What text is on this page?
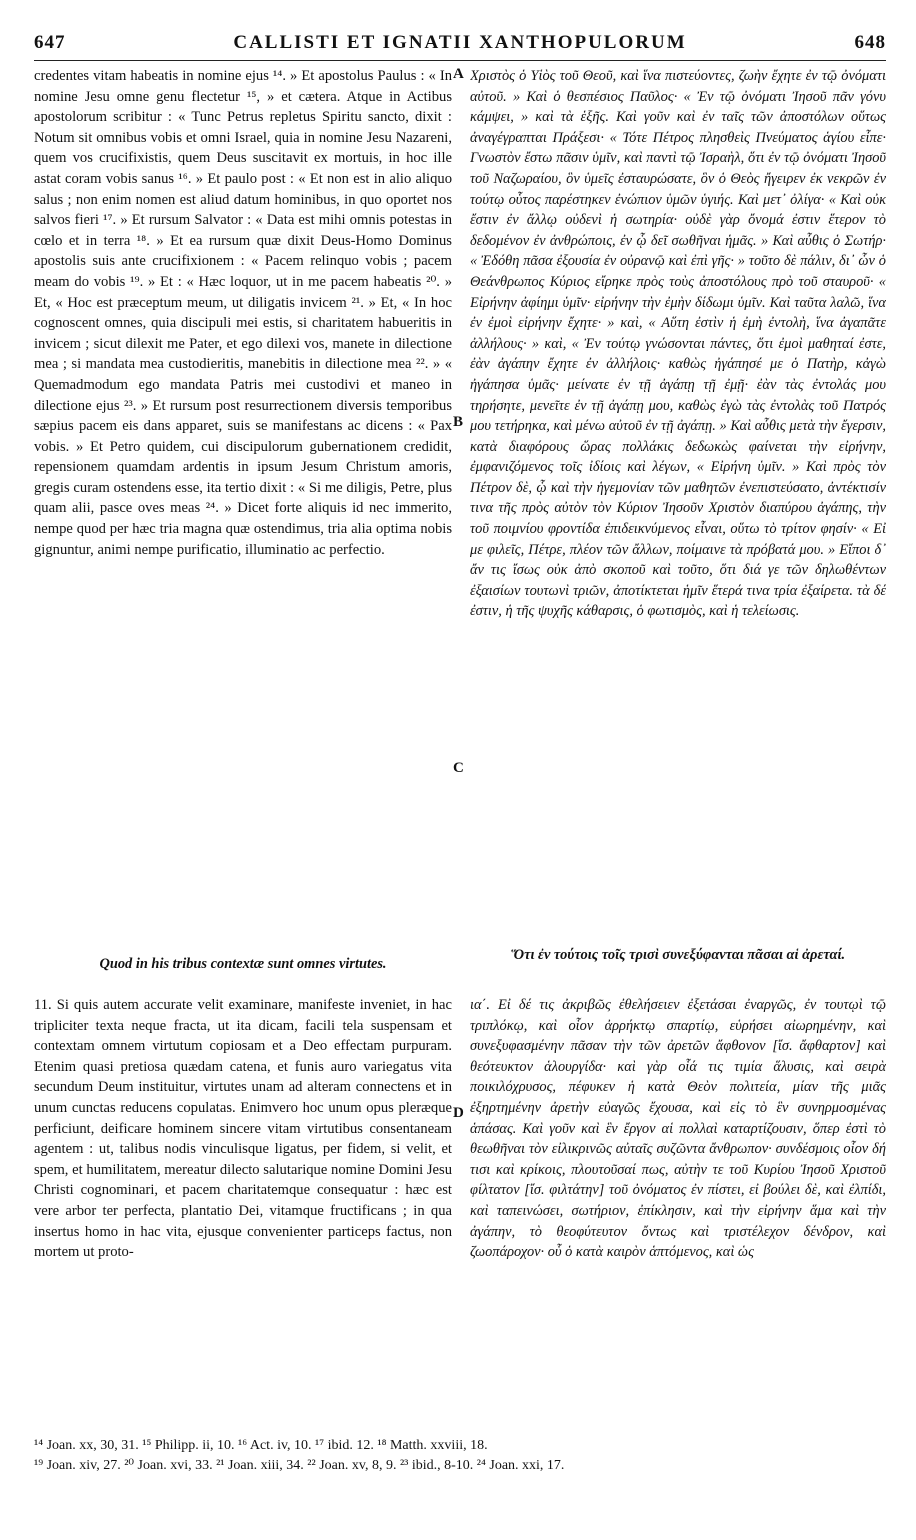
647	CALLISTI ET IGNATII XANTHOPULORUM	648
A
B
C
D

credentes vitam habeatis in nomine ejus ¹⁴. » Et apostolus Paulus : « In nomine Jesu omne genu flectetur ¹⁵, » et cætera. Atque in Actibus apostolorum scribitur : « Tunc Petrus repletus Spiritu sancto, dixit : Notum sit omnibus vobis et omni Israel, quia in nomine Jesu Nazareni, quem vos crucifixistis, quem Deus suscitavit ex mortuis, in hoc ille astat coram vobis sanus ¹⁶. » Et paulo post : « Et non est in alio aliquo salus ; non enim nomen est aliud datum hominibus, in quo oportet nos salvos fieri ¹⁷. » Et rursum Salvator : « Data est mihi omnis potestas in cœlo et in terra ¹⁸. » Et ea rursum quæ dixit Deus-Homo Dominus apostolis suis ante crucifixionem : « Pacem relinquo vobis ; pacem meam do vobis ¹⁹. » Et : « Hæc loquor, ut in me pacem habeatis ²⁰. » Et, « Hoc est præceptum meum, ut diligatis invicem ²¹. » Et, « In hoc cognoscent omnes, quia discipuli mei estis, si charitatem habueritis in invicem ; sicut dilexit me Pater, et ego dilexi vos, manete in dilectione mea ; si mandata mea custodieritis, manebitis in dilectione mea ²². » « Quemadmodum ego mandata Patris mei custodivi et maneo in dilectione ejus ²³. » Et rursum post resurrectionem diversis temporibus sæpius pacem eis dans apparet, suis se manifestans ac dicens : « Pax vobis. » Et Petro quidem, cui discipulorum gubernationem credidit, repensionem quamdam ardentis in ipsum Jesum Christum amoris, gregis curam ostendens esse, ita tertio dixit : « Si me diligis, Petre, plus quam alii, pasce oves meas ²⁴. » Dicet forte aliquis id nec immerito, nempe quod per hæc tria magna quæ ostendimus, tria alia optima nobis gignuntur, animi nempe purificatio, illuminatio ac perfectio.

Χριστὸς ὁ Υἱὸς τοῦ Θεοῦ, καὶ ἵνα πιστεύοντες, ζωὴν ἔχητε ἐν τῷ ὀνόματι αὐτοῦ. » Καὶ ὁ θεσπέσιος Παῦλος· « Ἐν τῷ ὀνόματι Ἰησοῦ πᾶν γόνυ κάμψει, » καὶ τὰ ἑξῆς. Καὶ γοῦν καὶ ἐν ταῖς τῶν ἀποστόλων οὕτως ἀναγέγραπται Πράξεσι· « Τότε Πέτρος πλησθεὶς Πνεύματος ἁγίου εἶπε· Γνωστὸν ἔστω πᾶσιν ὑμῖν, καὶ παντὶ τῷ Ἰσραὴλ, ὅτι ἐν τῷ ὀνόματι Ἰησοῦ τοῦ Ναζωραίου, ὃν ὑμεῖς ἐσταυρώσατε, ὃν ὁ Θεὸς ἤγειρεν ἐκ νεκρῶν ἐν τούτῳ οὗτος παρέστηκεν ἐνώπιον ὑμῶν ὑγιής. Καὶ μετ᾽ ὀλίγα· « Καὶ οὐκ ἔστιν ἐν ἄλλῳ οὐδενὶ ἡ σωτηρία· οὐδὲ γὰρ ὄνομά ἐστιν ἕτερον τὸ δεδομένον ἐν ἀνθρώποις, ἐν ᾧ δεῖ σωθῆναι ἡμᾶς. » Καὶ αὖθις ὁ Σωτήρ· « Ἐδόθη πᾶσα ἐξουσία ἐν οὐρανῷ καὶ ἐπὶ γῆς· » τοῦτο δὲ πάλιν, δι᾽ ὧν ὁ Θεάνθρωπος Κύριος εἴρηκε πρὸς τοὺς ἀποστόλους πρὸ τοῦ σταυροῦ· « Εἰρήνην ἀφίημι ὑμῖν· εἰρήνην τὴν ἐμὴν δίδωμι ὑμῖν. Καὶ ταῦτα λαλῶ, ἵνα ἐν ἐμοὶ εἰρήνην ἔχητε· » καὶ, « Αὕτη ἐστὶν ἡ ἐμὴ ἐντολὴ, ἵνα ἀγαπᾶτε ἀλλήλους· » καὶ, « Ἐν τούτῳ γνώσονται πάντες, ὅτι ἐμοὶ μαθηταί ἐστε, ἐὰν ἀγάπην ἔχητε ἐν ἀλλήλοις· καθὼς ἠγάπησέ με ὁ Πατὴρ, κἀγὼ ἠγάπησα ὑμᾶς· μείνατε ἐν τῇ ἀγάπῃ τῇ ἐμῇ· ἐὰν τὰς ἐντολάς μου τηρήσητε, μενεῖτε ἐν τῇ ἀγάπῃ μου, καθὼς ἐγὼ τὰς ἐντολὰς τοῦ Πατρός μου τετήρηκα, καὶ μένω αὐτοῦ ἐν τῇ ἀγάπῃ. » Καὶ αὖθις μετὰ τὴν ἔγερσιν, κατὰ διαφόρους ὥρας πολλάκις δεδωκὼς φαίνεται τὴν εἰρήνην, ἐμφανιζόμενος τοῖς ἰδίοις καὶ λέγων, « Εἰρήνη ὑμῖν. » Καὶ πρὸς τὸν Πέτρον δὲ, ᾧ καὶ τὴν ἡγεμονίαν τῶν μαθητῶν ἐνεπιστεύσατο, ἀντέκτισίν τινα τῆς πρὸς αὐτὸν τὸν Κύριον Ἰησοῦν Χριστὸν διαπύρου ἀγάπης, τὴν τοῦ ποιμνίου φροντίδα ἐπιδεικνύμενος εἶναι, οὕτω τὸ τρίτον φησίν· « Εἰ με φιλεῖς, Πέτρε, πλέον τῶν ἄλλων, ποίμαινε τὰ πρόβατά μου. » Εἴποι δ᾽ ἄν τις ἴσως οὐκ ἀπὸ σκοποῦ καὶ τοῦτο, ὅτι διά γε τῶν δηλωθέντων ἐξαισίων τουτωνὶ τριῶν, ἀποτίκτεται ἡμῖν ἕτερά τινα τρία ἐξαίρετα. τὰ δέ ἐστιν, ἡ τῆς ψυχῆς κάθαρσις, ὁ φωτισμὸς, καὶ ἡ τελείωσις.

Quod in his tribus contextæ sunt omnes virtutes.
Ὅτι ἐν τούτοις τοῖς τρισὶ συνεξύφανται πᾶσαι αἱ ἀρεταί.

11. Si quis autem accurate velit examinare, manifeste inveniet, in hac tripliciter texta neque fracta, ut ita dicam, facili tela suspensam et contextam omnem virtutum copiosam et a Deo effectam purpuram. Etenim quasi pretiosa quædam catena, et funis auro variegatus vita secundum Deum instituitur, virtutes unam ad alteram connectens et in unum cunctas reducens copulatas. Enimvero hoc unum opus pleræque perficiunt, deificare hominem sincere vitam virtutibus consentaneam agentem : ut, talibus nodis vinculisque ligatus, per fidem, si velit, et spem, et humilitatem, mereatur dilecto salutarique nomine Domini Jesu Christi cognominari, et pacem charitatemque consequatur : hæc est vere arbor ter perfecta, plantatio Dei, vitamque fructificans ; in qua insertus homo in hac vita, ejusque convenienter particeps factus, non mortem ut proto-

ια΄. Εἰ δέ τις ἀκριβῶς ἐθελήσειεν ἐξετάσαι ἐναργῶς, ἐν τουτῳὶ τῷ τριπλόκῳ, καὶ οἷον ἀρρήκτῳ σπαρτίῳ, εὑρήσει αἰωρημένην, καὶ συνεξυφασμένην πᾶσαν τὴν τῶν ἀρετῶν ἄφθονον [ἴσ. ἄφθαρτον] καὶ θεότευκτον ἁλουργίδα· καὶ γὰρ οἷά τις τιμία ἅλυσις, καὶ σειρὰ ποικιλόχρυσος, πέφυκεν ἡ κατὰ Θεὸν πολιτεία, μίαν τῆς μιᾶς ἐξηρτημένην ἀρετὴν εὐαγῶς ἔχουσα, καὶ εἰς τὸ ἓν συνηρμοσμένας ἁπάσας. Καὶ γοῦν καὶ ἓν ἔργον αἱ πολλαὶ καταρτίζουσιν, ὅπερ ἐστὶ τὸ θεωθῆναι τὸν εἰλικρινῶς αὐταῖς συζῶντα ἄνθρωπον· συνδέσμοις οἷον δή τισι καὶ κρίκοις, πλουτοῦσαί πως, αὐτὴν τε τοῦ Κυρίου Ἰησοῦ Χριστοῦ φίλτατον [ἴσ. φιλτάτην] τοῦ ὀνόματος ἐν πίστει, εἰ βούλει δὲ, καὶ ἐλπίδι, καὶ ταπεινώσει, σωτήριον, ἐπίκλησιν, καὶ τὴν εἰρήνην ἅμα καὶ τὴν ἀγάπην, τὸ θεοφύτευτον ὄντως καὶ τριστέλεχον δένδρον, καὶ ζωοπάροχον· οὗ ὁ κατὰ καιρὸν ἁπτόμενος, καὶ ὡς

¹⁴ Joan. xx, 30, 31. ¹⁵ Philipp. ii, 10. ¹⁶ Act. iv, 10. ¹⁷ ibid. 12. ¹⁸ Matth. xxviii, 18.

¹⁹ Joan. xiv, 27. ²⁰ Joan. xvi, 33. ²¹ Joan. xiii, 34. ²² Joan. xv, 8, 9. ²³ ibid., 8-10. ²⁴ Joan. xxi, 17.
